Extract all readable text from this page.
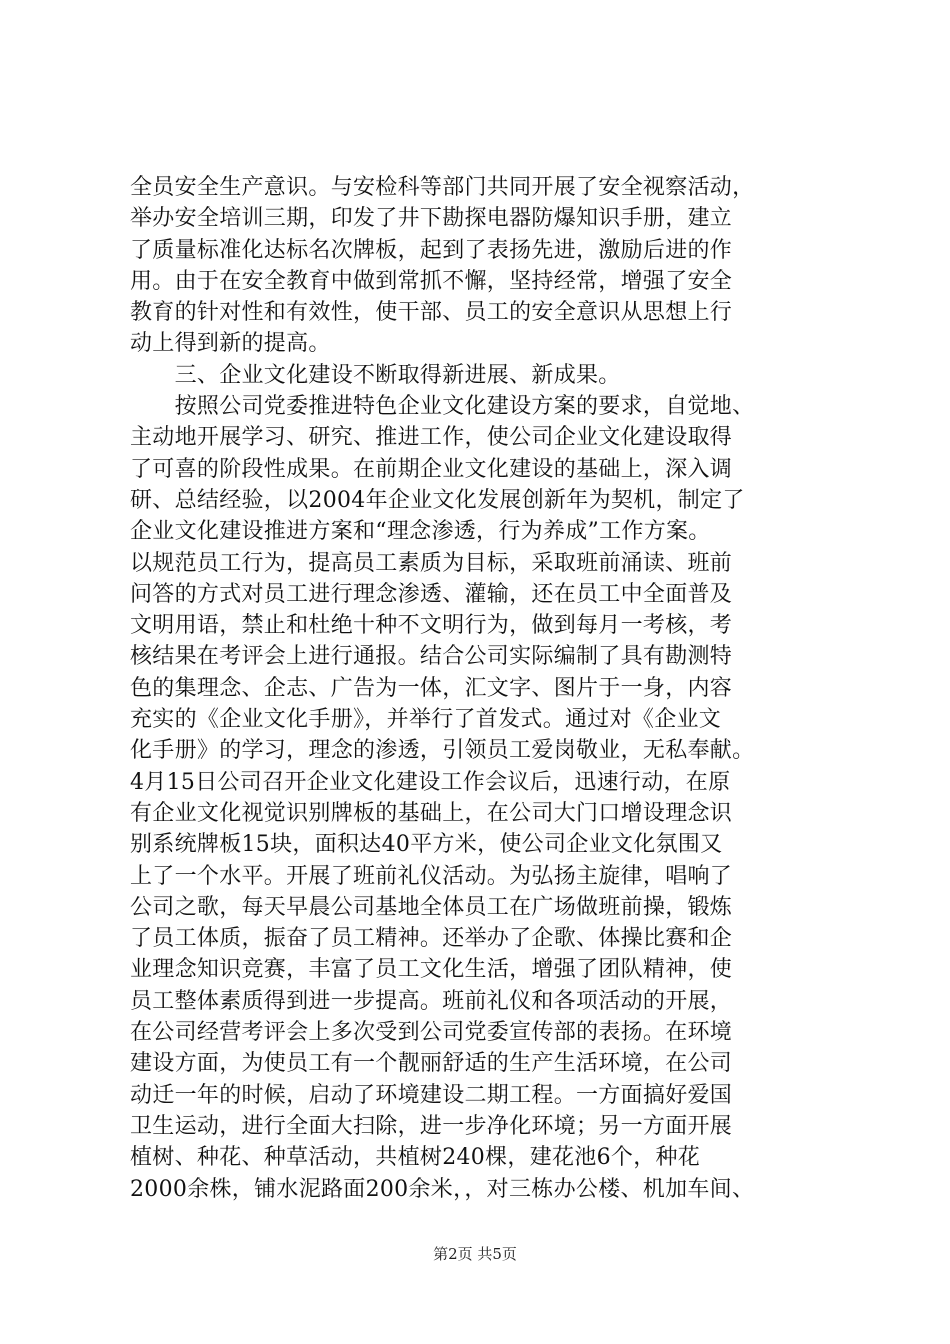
全员安全生产意识。与安检科等部门共同开展了安全视察活动，
举办安全培训三期，印发了井下勘探电器防爆知识手册，建立
了质量标准化达标名次牌板，起到了表扬先进，激励后进的作
用。由于在安全教育中做到常抓不懈，坚持经常，增强了安全
教育的针对性和有效性，使干部、员工的安全意识从思想上行
动上得到新的提高。
　　三、企业文化建设不断取得新进展、新成果。
　　按照公司党委推进特色企业文化建设方案的要求，自觉地、
主动地开展学习、研究、推进工作，使公司企业文化建设取得
了可喜的阶段性成果。在前期企业文化建设的基础上，深入调
研、总结经验，以2004年企业文化发展创新年为契机，制定了
企业文化建设推进方案和“理念渗透，行为养成”工作方案。
以规范员工行为，提高员工素质为目标，采取班前涌读、班前
问答的方式对员工进行理念渗透、灌输，还在员工中全面普及
文明用语，禁止和杜绝十种不文明行为，做到每月一考核，考
核结果在考评会上进行通报。结合公司实际编制了具有勘测特
色的集理念、企志、广告为一体，汇文字、图片于一身，内容
充实的《企业文化手册》，并举行了首发式。通过对《企业文
化手册》的学习，理念的渗透，引领员工爱岗敬业，无私奉献。
4月15日公司召开企业文化建设工作会议后，迅速行动，在原
有企业文化视觉识别牌板的基础上，在公司大门口增设理念识
别系统牌板15块，面积达40平方米，使公司企业文化氛围又
上了一个水平。开展了班前礼仪活动。为弘扬主旋律，唱响了
公司之歌，每天早晨公司基地全体员工在广场做班前操，锻炼
了员工体质，振奋了员工精神。还举办了企歌、体操比赛和企
业理念知识竞赛，丰富了员工文化生活，增强了团队精神，使
员工整体素质得到进一步提高。班前礼仪和各项活动的开展，
在公司经营考评会上多次受到公司党委宣传部的表扬。在环境
建设方面，为使员工有一个靓丽舒适的生产生活环境，在公司
动迁一年的时候，启动了环境建设二期工程。一方面搞好爱国
卫生运动，进行全面大扫除，进一步净化环境；另一方面开展
植树、种花、种草活动，共植树240棵，建花池6个，种花
2000余株，铺水泥路面200余米，，对三栋办公楼、机加车间、
第2页 共5页
